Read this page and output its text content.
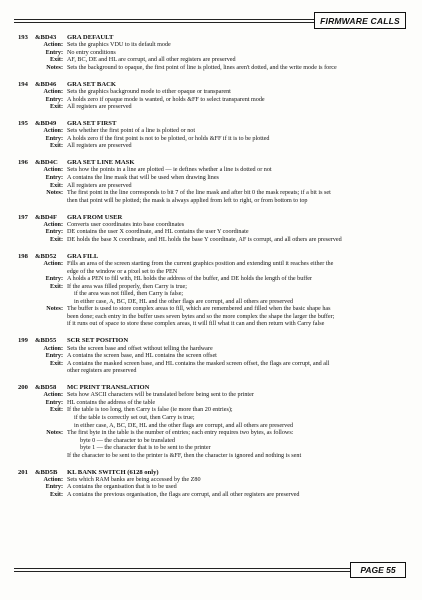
FIRMWARE CALLS
193	&BD43	GRA DEFAULT
Action: Sets the graphics VDU to its default mode
Entry: No entry conditions
Exit: AF, BC, DE and HL are corrupt, and all other registers are preserved
Notes: Sets the background to opaque, the first point of line is plotted, lines aren't dotted, and the write mode is force
194	&BD46	GRA SET BACK
Action: Sets the graphics background mode to either opaque or transparent
Entry: A holds zero if opaque mode is wanted, or holds &FF to select transparent mode
Exit: All registers are preserved
195	&BD49	GRA SET FIRST
Action: Sets whether the first point of a line is plotted or not
Entry: A holds zero if the first point is not to be plotted, or holds &FF if it is to be plotted
Exit: All registers are preserved
196	&BD4C	GRA SET LINE MASK
Action: Sets how the points in a line are plotted — ie defines whether a line is dotted or not
Entry: A contains the line mask that will be used when drawing lines
Exit: All registers are preserved
Notes: The first point in the line corresponds to bit 7 of the line mask and after bit 0 the mask repeats; if a bit is set
then that point will be plotted; the mask is always applied from left to right, or from bottom to top
197	&BD4F	GRA FROM USER
Action: Converts user coordinates into base coordinates
Entry: DE contains the user X coordinate, and HL contains the user Y coordinate
Exit: DE holds the base X coordinate, and HL holds the base Y coordinate, AF is corrupt, and all others are preserved
198	&BD52	GRA FILL
Action: Fills an area of the screen starting from the current graphics position and extending until it reaches either the
edge of the window or a pixel set to the PEN
Entry: A holds a PEN to fill with, HL holds the address of the buffer, and DE holds the length of the buffer
Exit: If the area was filled properly, then Carry is true;
if the area was not filled, then Carry is false;
in either case, A, BC, DE, HL and the other flags are corrupt, and all others are preserved
Notes: The buffer is used to store complex areas to fill, which are remembered and filled when the basic shape has
been done; each entry in the buffer uses seven bytes and so the more complex the shape the larger the buffer;
if it runs out of space to store these complex areas, it will fill what it can and then return with Carry false
199	&BD55	SCR SET POSITION
Action: Sets the screen base and offset without telling the hardware
Entry: A contains the screen base, and HL contains the screen offset
Exit: A contains the masked screen base, and HL contains the masked screen offset, the flags are corrupt, and all
other registers are preserved
200	&BD58	MC PRINT TRANSLATION
Action: Sets how ASCII characters will be translated before being sent to the printer
Entry: HL contains the address of the table
Exit: If the table is too long, then Carry is false (ie more than 20 entries);
if the table is correctly set out, then Carry is true;
in either case, A, BC, DE, HL and the other flags are corrupt, and all others are preserved
Notes: The first byte in the table is the number of entries; each entry requires two bytes, as follows:
byte 0 — the character to be translated
byte 1 — the character that is to be sent to the printer
If the character to be sent to the printer is &FF, then the character is ignored and nothing is sent
201	&BD5B	KL BANK SWITCH (6128 only)
Action: Sets which RAM banks are being accessed by the Z80
Entry: A contains the organisation that is to be used
Exit: A contains the previous organisation, the flags are corrupt, and all other registers are preserved
PAGE 55
